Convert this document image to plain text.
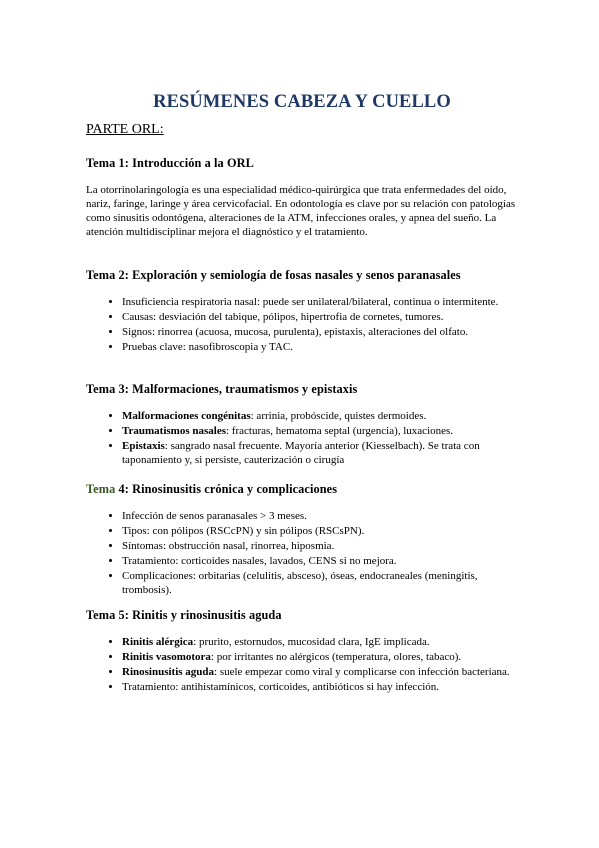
RESÚMENES CABEZA Y CUELLO
PARTE ORL:
Tema 1: Introducción a la ORL

La otorrinolaringología es una especialidad médico-quirúrgica que trata enfermedades del oído, nariz, faringe, laringe y área cervicofacial. En odontología es clave por su relación con patologías como sinusitis odontógena, alteraciones de la ATM, infecciones orales, y apnea del sueño. La atención multidisciplinar mejora el diagnóstico y el tratamiento.

Tema 2: Exploración y semiología de fosas nasales y senos paranasales
• Insuficiencia respiratoria nasal: puede ser unilateral/bilateral, continua o intermitente.
• Causas: desviación del tabique, pólipos, hipertrofia de cornetes, tumores.
• Signos: rinorrea (acuosa, mucosa, purulenta), epistaxis, alteraciones del olfato.
• Pruebas clave: nasofibroscopia y TAC.
Tema 3: Malformaciones, traumatismos y epistaxis
• Malformaciones congénitas: arrinia, probóscide, quistes dermoides.
• Traumatismos nasales: fracturas, hematoma septal (urgencia), luxaciones.
• Epistaxis: sangrado nasal frecuente. Mayoría anterior (Kiesselbach). Se trata con taponamiento y, si persiste, cauterización o cirugía
Tema 4: Rinosinusitis crónica y complicaciones
• Infección de senos paranasales > 3 meses.
• Tipos: con pólipos (RSCcPN) y sin pólipos (RSCsPN).
• Síntomas: obstrucción nasal, rinorrea, hiposmia.
• Tratamiento: corticoides nasales, lavados, CENS si no mejora.
• Complicaciones: orbitarias (celulitis, absceso), óseas, endocraneales (meningitis, trombosis).
Tema 5: Rinitis y rinosinusitis aguda
• Rinitis alérgica: prurito, estornudos, mucosidad clara, IgE implicada.
• Rinitis vasomotora: por irritantes no alérgicos (temperatura, olores, tabaco).
• Rinosinusitis aguda: suele empezar como viral y complicarse con infección bacteriana.
• Tratamiento: antihistamínicos, corticoides, antibióticos si hay infección.
